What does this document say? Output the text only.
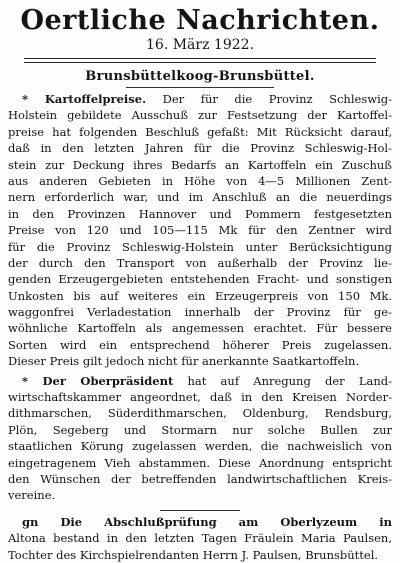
Oertliche Nachrichten.
16. März 1922.
Brunsbüttelkoog-Brunsbüttel.
* Kartoffelpreise. Der für die Provinz Schleswig-
Holstein gebildete Ausschuß zur Festsetzung der Kartoffel-
preise hat folgenden Beschluß gefaßt: Mit Rücksicht darauf,
daß in den letzten Jahren für die Provinz Schleswig-Hol-
stein zur Deckung ihres Bedarfs an Kartoffeln ein Zuschuß
aus anderen Gebieten in Höhe von 4—5 Millionen Zent-
nern erforderlich war, und im Anschluß an die neuerdings
in den Provinzen Hannover und Pommern festgesetzten
Preise von 120 und 105—115 Mk für den Zentner wird
für die Provinz Schleswig-Holstein unter Berücksichtigung
der durch den Transport von außerhalb der Provinz lie-
genden Erzeugergebieten entstehenden Fracht- und sonstigen
Unkosten bis auf weiteres ein Erzeugerpreis von 150 Mk.
waggonfrei Verladestation innerhalb der Provinz für ge-
wöhnliche Kartoffeln als angemessen erachtet. Für bessere
Sorten wird ein entsprechend höherer Preis zugelassen.
Dieser Preis gilt jedoch nicht für anerkannte Saatkartoffeln.
* Der Oberpräsident hat auf Anregung der Land-
wirtschaftskammer angeordnet, daß in den Kreisen Norder-
dithmarschen, Süderdithmarschen, Oldenburg, Rendsburg,
Plön, Segeberg und Stormarn nur solche Bullen zur
staatlichen Körung zugelassen werden, die nachweislich von
eingetragenem Vieh abstammen. Diese Anordnung entspricht
den Wünschen der betreffenden landwirtschaftlichen Kreis-
vereine.
gn Die Abschlußprüfung am Oberlyzeum in
Altona bestand in den letzten Tagen Fräulein Maria Paulsen,
Tochter des Kirchspielrendanten Herrn J. Paulsen, Brunsbüttel.
